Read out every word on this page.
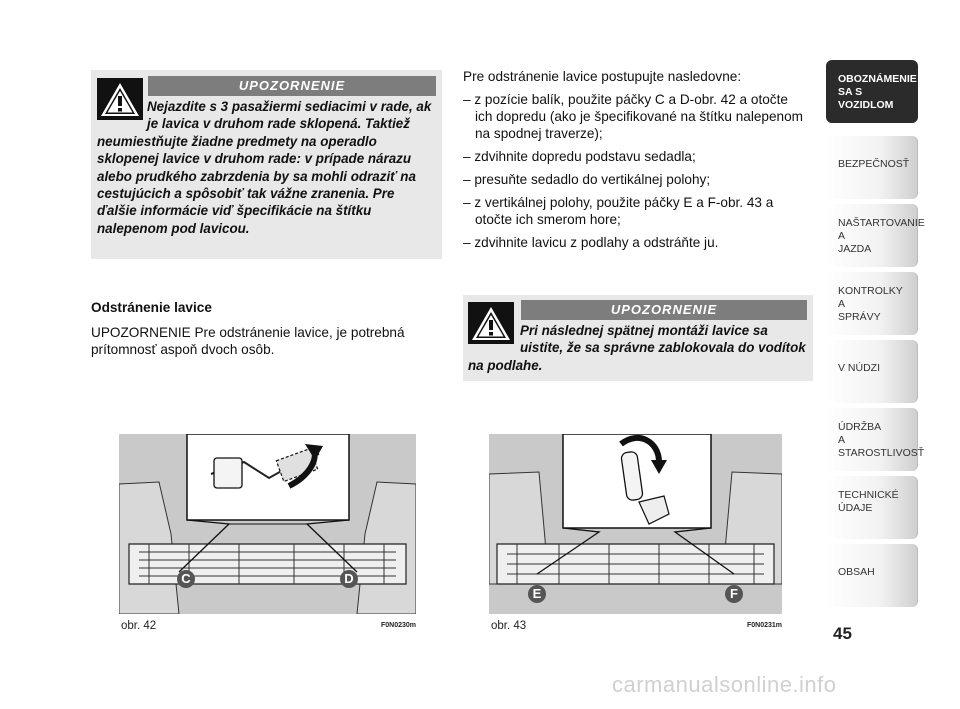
UPOZORNENIE
Nejazdite s 3 pasažiermi sediacimi v rade, ak je lavica v druhom rade sklopená. Taktiež neumiestňujte žiadne predmety na operadlo sklopenej lavice v druhom rade: v prípade nárazu alebo prudkého zabrzdenia by sa mohli odraziť na cestujúcich a spôsobiť tak vážne zranenia. Pre ďalšie informácie viď špecifikácie na štítku nalepenom pod lavicou.

Odstránenie lavice

UPOZORNENIE Pre odstránenie lavice, je potrebná prítomnosť aspoň dvoch osôb.

Pre odstránenie lavice postupujte nasledovne:

– z pozície balík, použite páčky C a D-obr. 42 a otočte ich dopredu (ako je špecifikované na štítku nalepenom na spodnej traverze);

– zdvihnite dopredu podstavu sedadla;

– presuňte sedadlo do vertikálnej polohy;

– z vertikálnej polohy, použite páčky E a F-obr. 43 a otočte ich smerom hore;

– zdvihnite lavicu z podlahy a odstráňte ju.

UPOZORNENIE
Pri následnej spätnej montáži lavice sa uistite, že sa správne zablokovala do vodítok na podlahe.
C	D
obr. 42	F0N0230m
E	F
obr. 43	F0N0231m
OBOZNÁMENIE SA S VOZIDLOM
BEZPEČNOSŤ
NAŠTARTOVANIE A JAZDA
KONTROLKY A SPRÁVY
V NÚDZI
ÚDRŽBA A STAROSTLIVOSŤ
TECHNICKÉ ÚDAJE
OBSAH
45
carmanualsonline.info
